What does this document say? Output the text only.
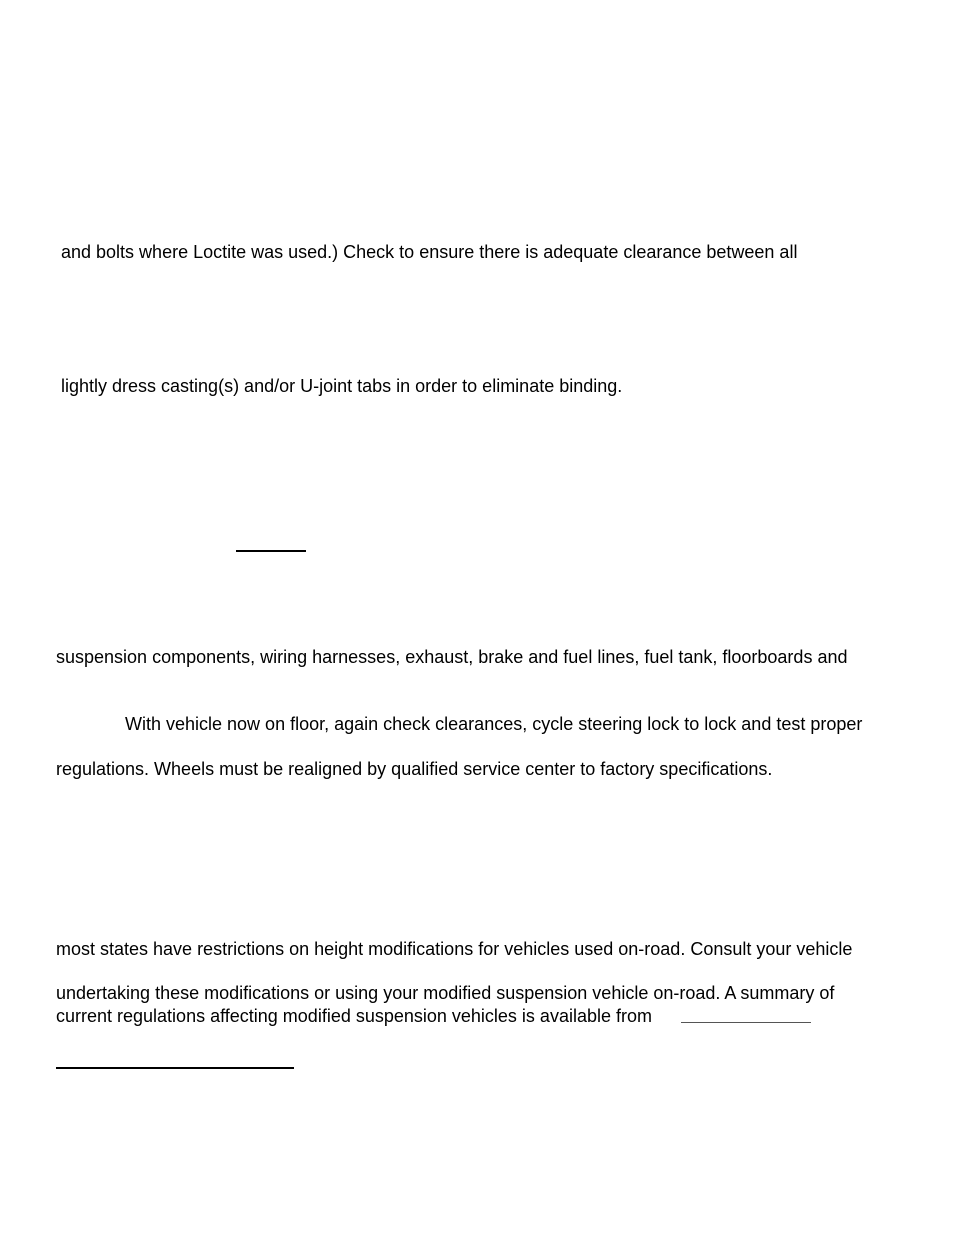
and bolts where Loctite was used.) Check to ensure there is adequate clearance between all
lightly dress casting(s) and/or U-joint tabs in order to eliminate binding.
suspension components, wiring harnesses, exhaust, brake and fuel lines, fuel tank, floorboards and
With vehicle now on floor, again check clearances, cycle steering lock to lock and test proper
regulations. Wheels must be realigned by qualified service center to factory specifications.
most states have restrictions on height modifications for vehicles used on-road. Consult your vehicle
undertaking these modifications or using your modified suspension vehicle on-road. A summary of
current regulations affecting modified suspension vehicles is available from
